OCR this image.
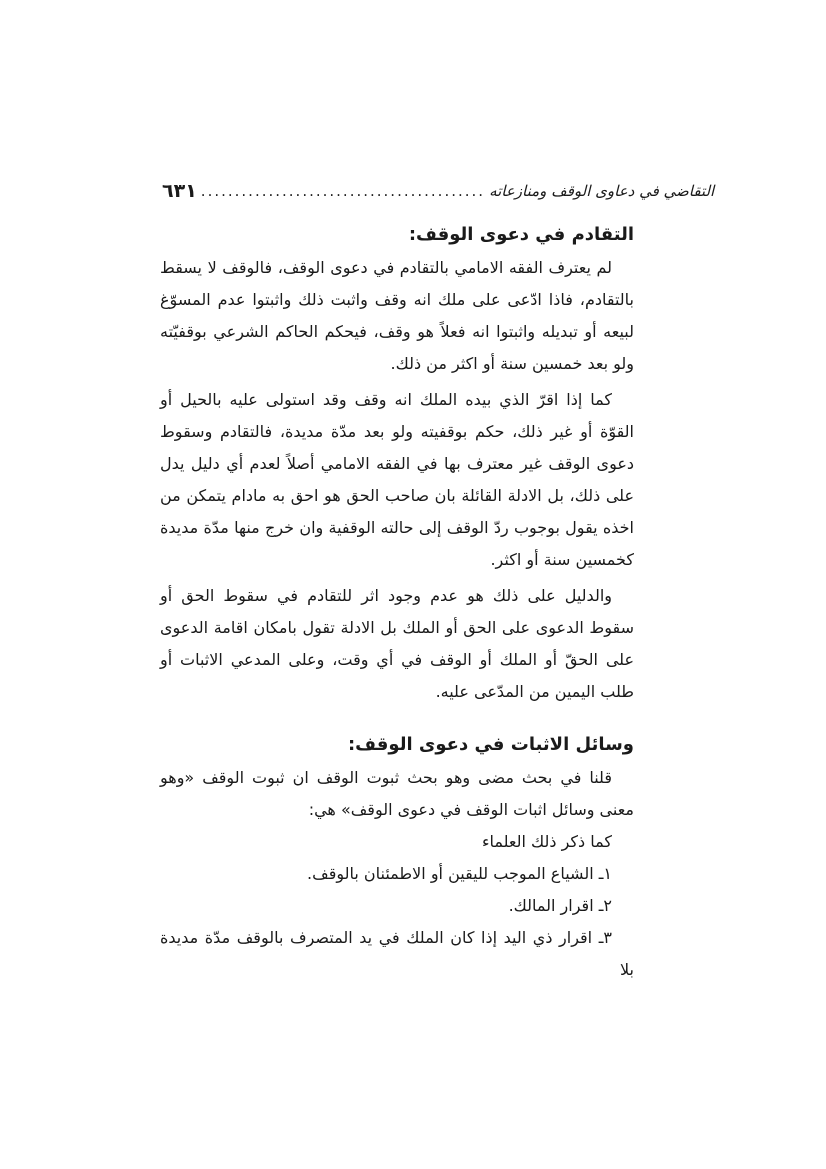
٦٣١ .......................................... التقاضي في دعاوى الوقف ومنازعاته
التقادم في دعوى الوقف:

لم يعترف الفقه الامامي بالتقادم في دعوى الوقف، فالوقف لا يسقط بالتقادم، فاذا ادّعى على ملك انه وقف واثبت ذلك واثبتوا عدم المسوّغ لبيعه أو تبديله واثبتوا انه فعلاً هو وقف، فيحكم الحاكم الشرعي بوقفيّته ولو بعد خمسين سنة أو اكثر من ذلك.

كما إذا اقرّ الذي بيده الملك انه وقف وقد استولى عليه بالحيل أو القوّة أو غير ذلك، حكم بوقفيته ولو بعد مدّة مديدة، فالتقادم وسقوط دعوى الوقف غير معترف بها في الفقه الامامي أصلاً لعدم أي دليل يدل على ذلك، بل الادلة القائلة بان صاحب الحق هو احق به مادام يتمكن من اخذه يقول بوجوب ردّ الوقف إلى حالته الوقفية وان خرج منها مدّة مديدة كخمسين سنة أو اكثر.

والدليل على ذلك هو عدم وجود اثر للتقادم في سقوط الحق أو سقوط الدعوى على الحق أو الملك بل الادلة تقول بامكان اقامة الدعوى على الحقّ أو الملك أو الوقف في أي وقت، وعلى المدعي الاثبات أو طلب اليمين من المدّعى عليه.

وسائل الاثبات في دعوى الوقف:

قلنا في بحث مضى وهو بحث ثبوت الوقف ان ثبوت الوقف «وهو معنى وسائل اثبات الوقف في دعوى الوقف» هي:

كما ذكر ذلك العلماء

١ـ الشياع الموجب لليقين أو الاطمئنان بالوقف.

٢ـ اقرار المالك.

٣ـ اقرار ذي اليد إذا كان الملك في يد المتصرف بالوقف مدّة مديدة بلا
